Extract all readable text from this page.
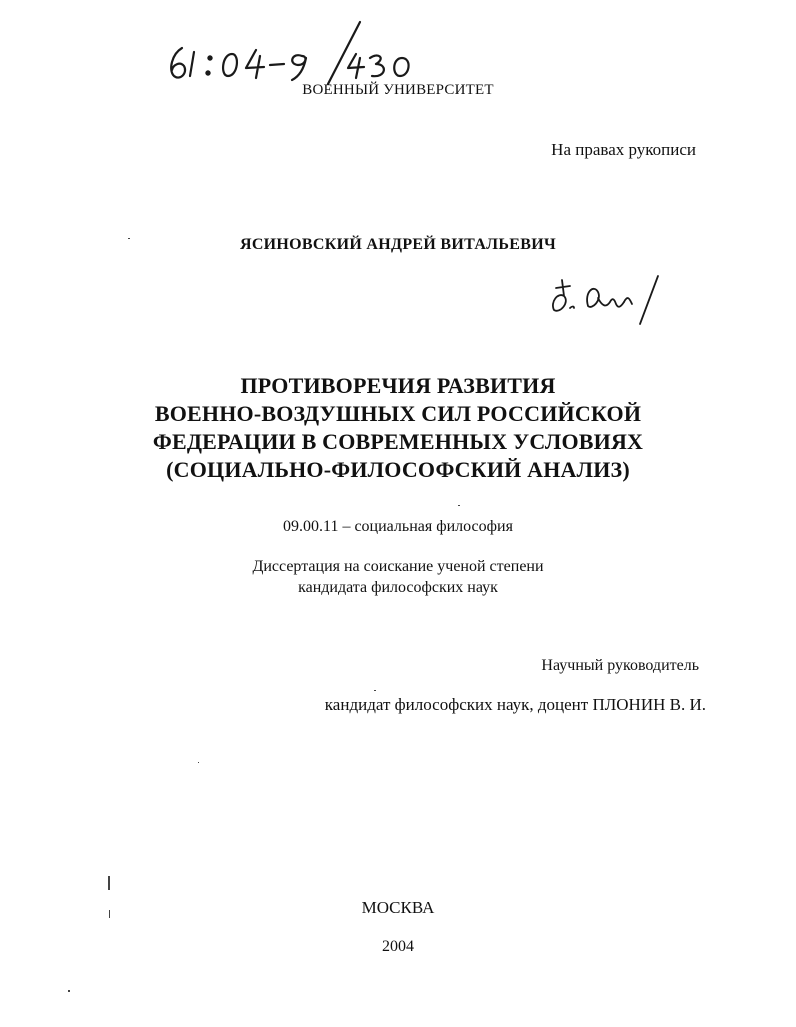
ВОЕННЫЙ УНИВЕРСИТЕТ
На правах рукописи
ЯСИНОВСКИЙ АНДРЕЙ ВИТАЛЬЕВИЧ
ПРОТИВОРЕЧИЯ РАЗВИТИЯ
ВОЕННО-ВОЗДУШНЫХ СИЛ РОССИЙСКОЙ
ФЕДЕРАЦИИ В СОВРЕМЕННЫХ УСЛОВИЯХ
(СОЦИАЛЬНО-ФИЛОСОФСКИЙ АНАЛИЗ)
09.00.11 – социальная философия
Диссертация на соискание ученой степени
кандидата философских наук
Научный руководитель
кандидат философских наук, доцент ПЛОНИН В. И.
МОСКВА
2004
